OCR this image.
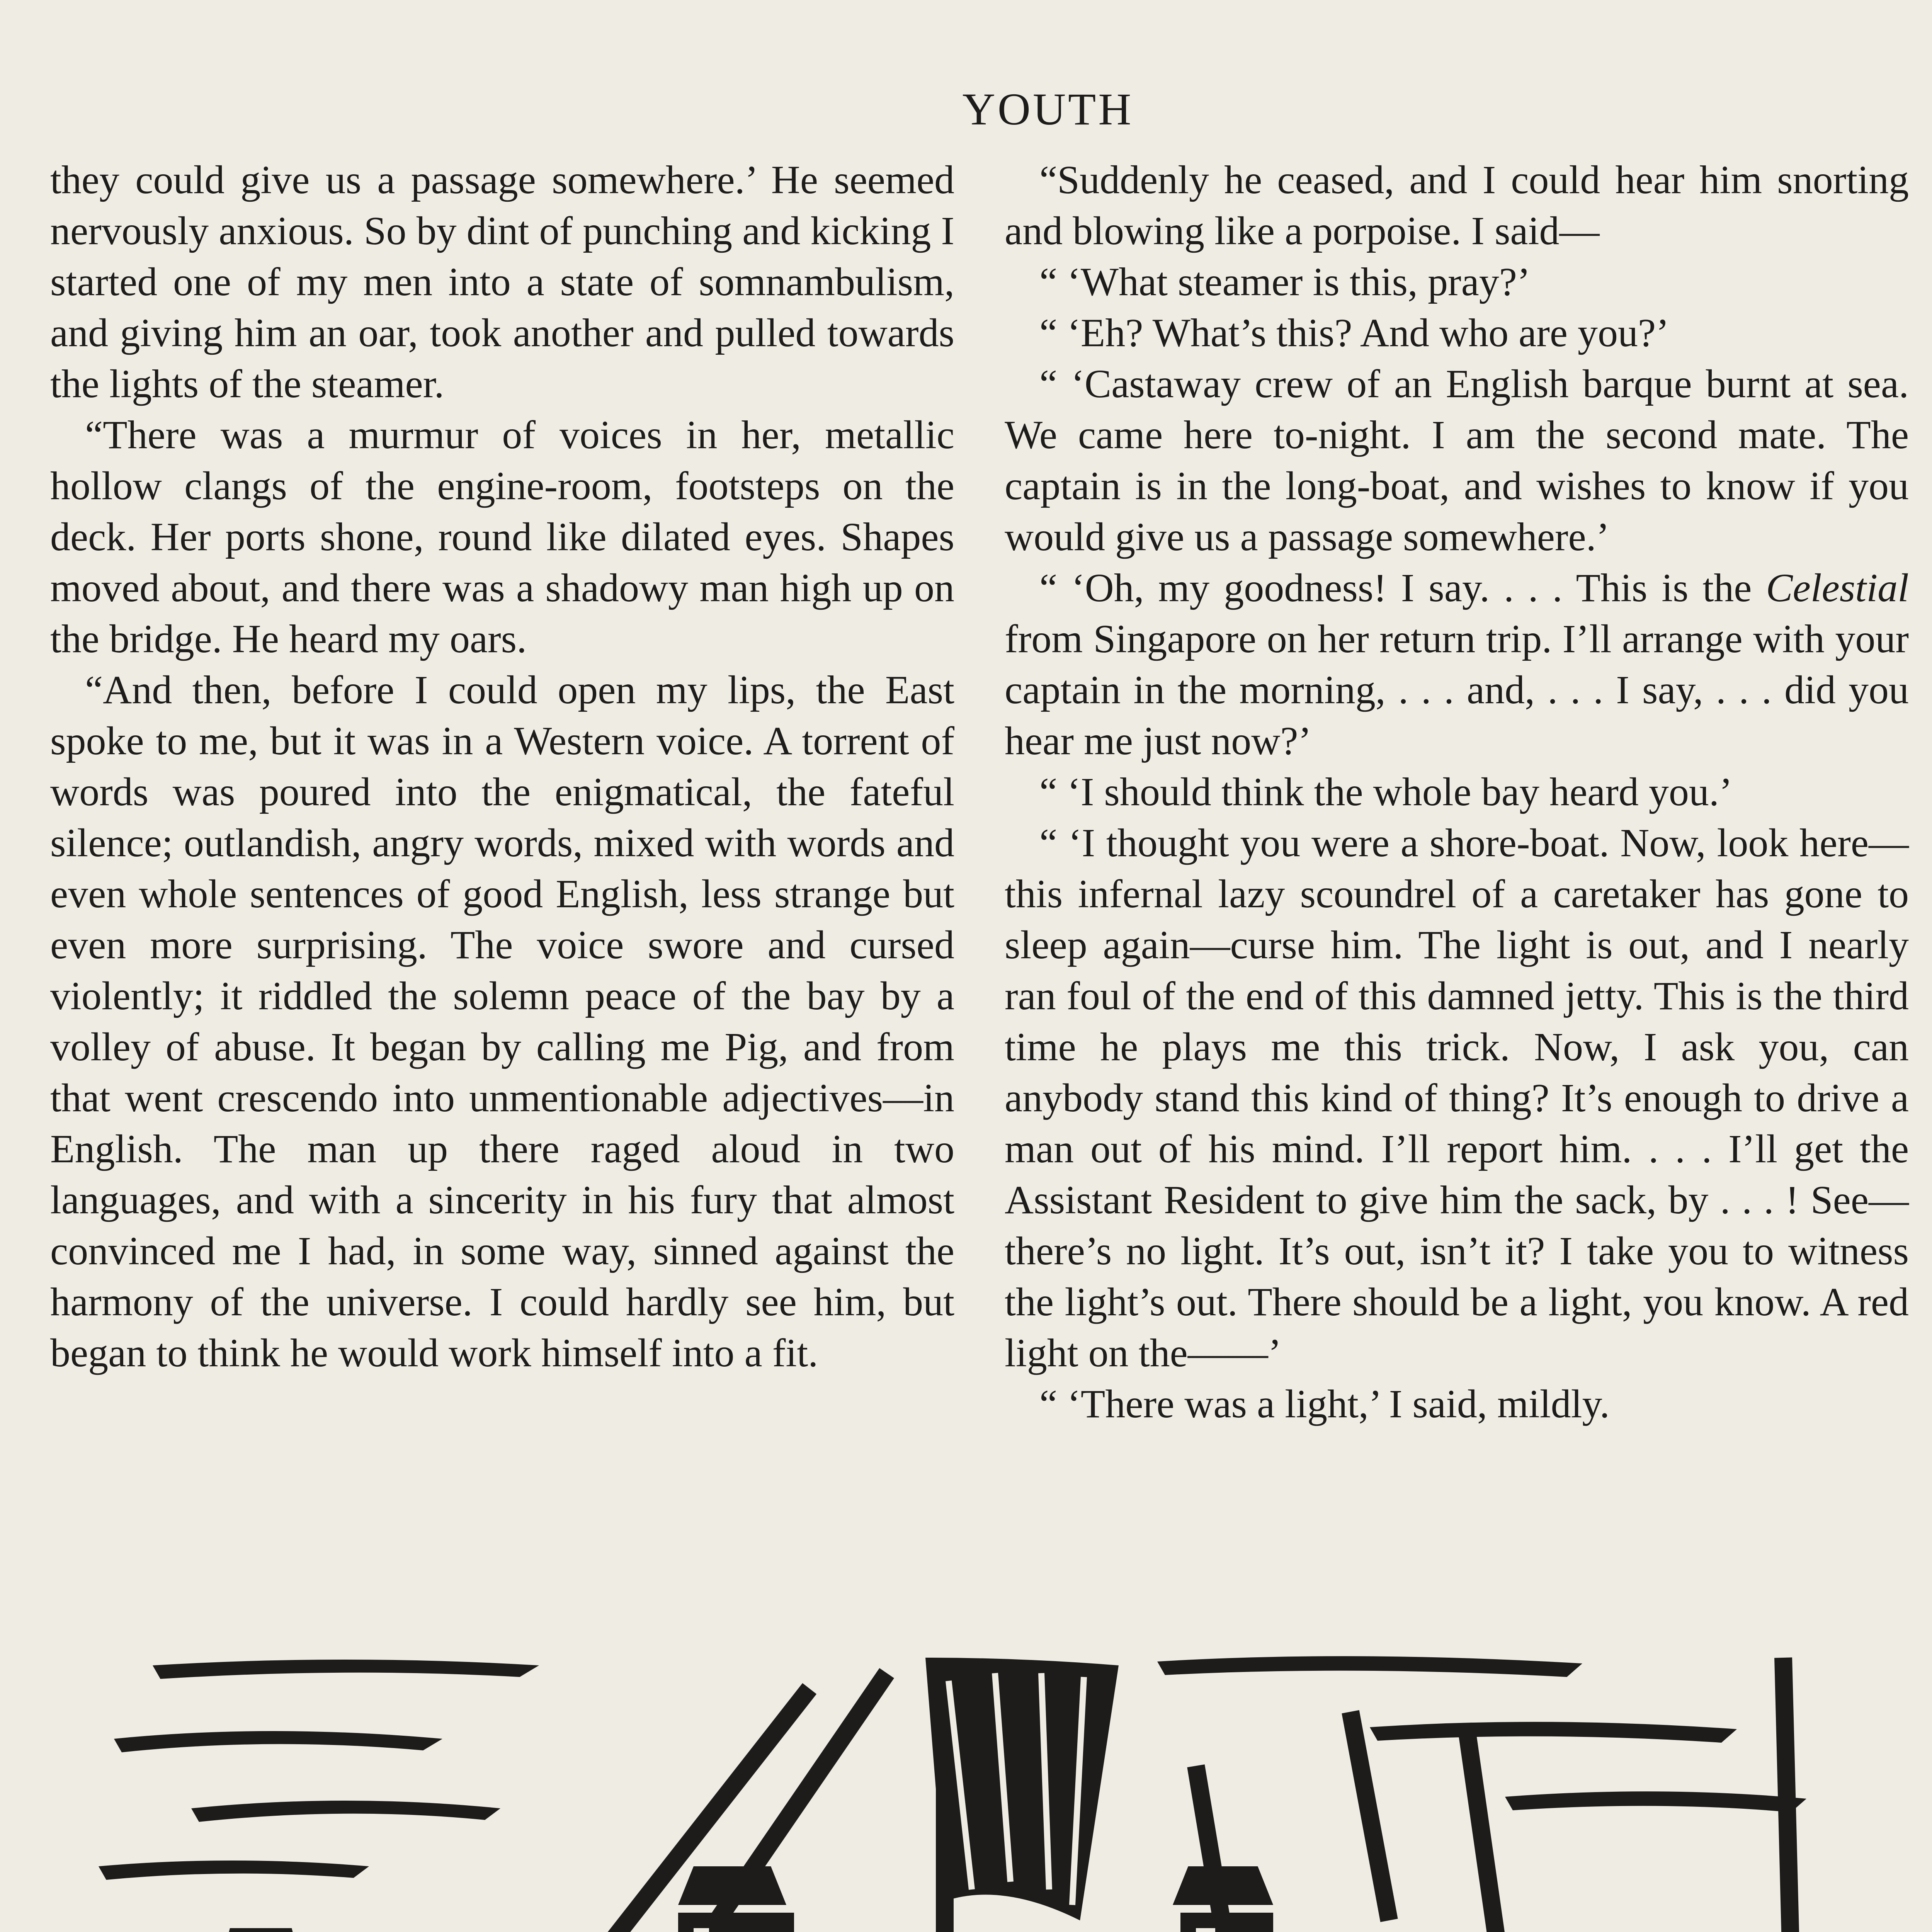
YOUTH

they could give us a passage somewhere.’ He seemed nervously anxious. So by dint of punching and kicking I started one of my men into a state of somnambulism, and giving him an oar, took another and pulled towards the lights of the steamer.

“There was a murmur of voices in her, metallic hollow clangs of the engine-room, footsteps on the deck. Her ports shone, round like dilated eyes. Shapes moved about, and there was a shadowy man high up on the bridge. He heard my oars.

“And then, before I could open my lips, the East spoke to me, but it was in a Western voice. A torrent of words was poured into the enigmatical, the fateful silence; outlandish, angry words, mixed with words and even whole sentences of good English, less strange but even more surprising. The voice swore and cursed violently; it riddled the solemn peace of the bay by a volley of abuse. It began by calling me Pig, and from that went crescendo into unmentionable adjectives—in English. The man up there raged aloud in two languages, and with a sincerity in his fury that almost convinced me I had, in some way, sinned against the harmony of the universe. I could hardly see him, but began to think he would work himself into a fit.

“Suddenly he ceased, and I could hear him snorting and blowing like a porpoise. I said—

“ ‘What steamer is this, pray?’

“ ‘Eh? What’s this? And who are you?’

“ ‘Castaway crew of an English barque burnt at sea. We came here to-night. I am the second mate. The captain is in the long-boat, and wishes to know if you would give us a passage somewhere.’

“ ‘Oh, my goodness! I say. . . . This is the Celestial from Singapore on her return trip. I’ll arrange with your captain in the morning, . . . and, . . . I say, . . . did you hear me just now?’

“ ‘I should think the whole bay heard you.’

“ ‘I thought you were a shore-boat. Now, look here—this infernal lazy scoundrel of a caretaker has gone to sleep again—curse him. The light is out, and I nearly ran foul of the end of this damned jetty. This is the third time he plays me this trick. Now, I ask you, can anybody stand this kind of thing? It’s enough to drive a man out of his mind. I’ll report him. . . . I’ll get the Assistant Resident to give him the sack, by . . . ! See—there’s no light. It’s out, isn’t it? I take you to witness the light’s out. There should be a light, you know. A red light on the——’

“ ‘There was a light,’ I said, mildly.
